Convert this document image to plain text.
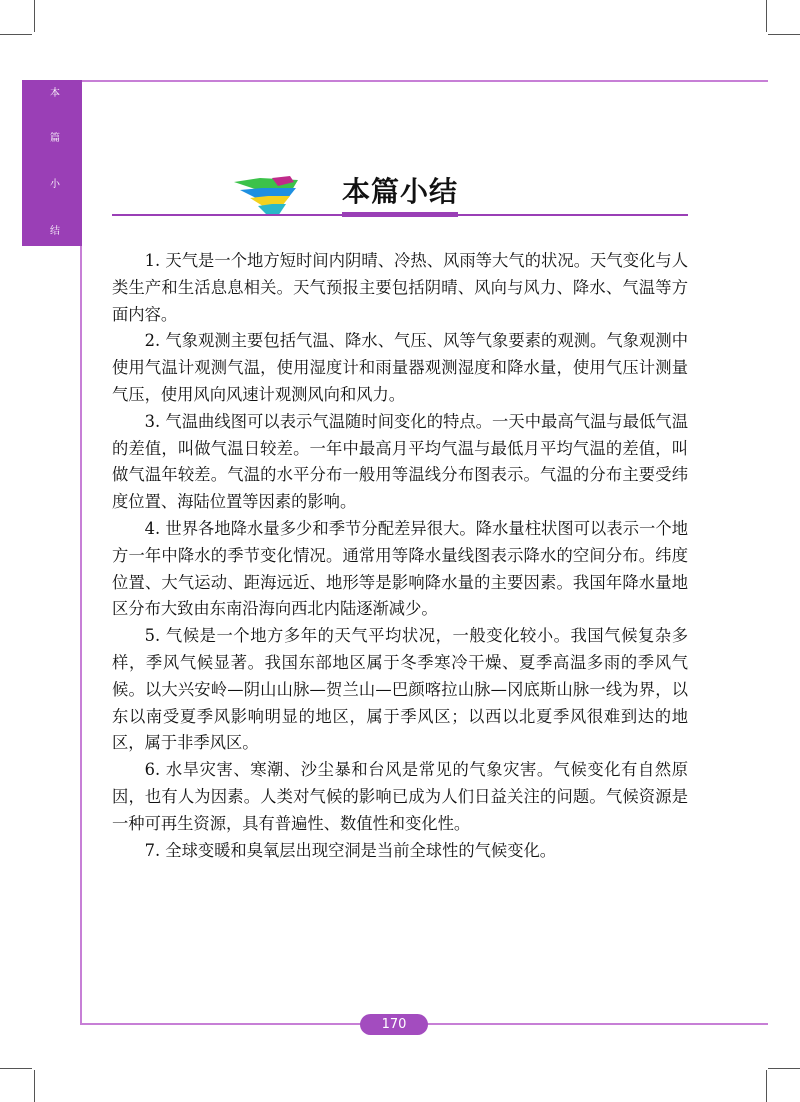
本
篇
小
结
本篇小结

1. 天气是一个地方短时间内阴晴、冷热、风雨等大气的状况。天气变化与人类生产和生活息息相关。天气预报主要包括阴晴、风向与风力、降水、气温等方面内容。

2. 气象观测主要包括气温、降水、气压、风等气象要素的观测。气象观测中使用气温计观测气温，使用湿度计和雨量器观测湿度和降水量，使用气压计测量气压，使用风向风速计观测风向和风力。

3. 气温曲线图可以表示气温随时间变化的特点。一天中最高气温与最低气温的差值，叫做气温日较差。一年中最高月平均气温与最低月平均气温的差值，叫做气温年较差。气温的水平分布一般用等温线分布图表示。气温的分布主要受纬度位置、海陆位置等因素的影响。

4. 世界各地降水量多少和季节分配差异很大。降水量柱状图可以表示一个地方一年中降水的季节变化情况。通常用等降水量线图表示降水的空间分布。纬度位置、大气运动、距海远近、地形等是影响降水量的主要因素。我国年降水量地区分布大致由东南沿海向西北内陆逐渐减少。

5. 气候是一个地方多年的天气平均状况，一般变化较小。我国气候复杂多样，季风气候显著。我国东部地区属于冬季寒冷干燥、夏季高温多雨的季风气候。以大兴安岭—阴山山脉—贺兰山—巴颜喀拉山脉—冈底斯山脉一线为界，以东以南受夏季风影响明显的地区，属于季风区；以西以北夏季风很难到达的地区，属于非季风区。

6. 水旱灾害、寒潮、沙尘暴和台风是常见的气象灾害。气候变化有自然原因，也有人为因素。人类对气候的影响已成为人们日益关注的问题。气候资源是一种可再生资源，具有普遍性、数值性和变化性。

7. 全球变暖和臭氧层出现空洞是当前全球性的气候变化。

170
